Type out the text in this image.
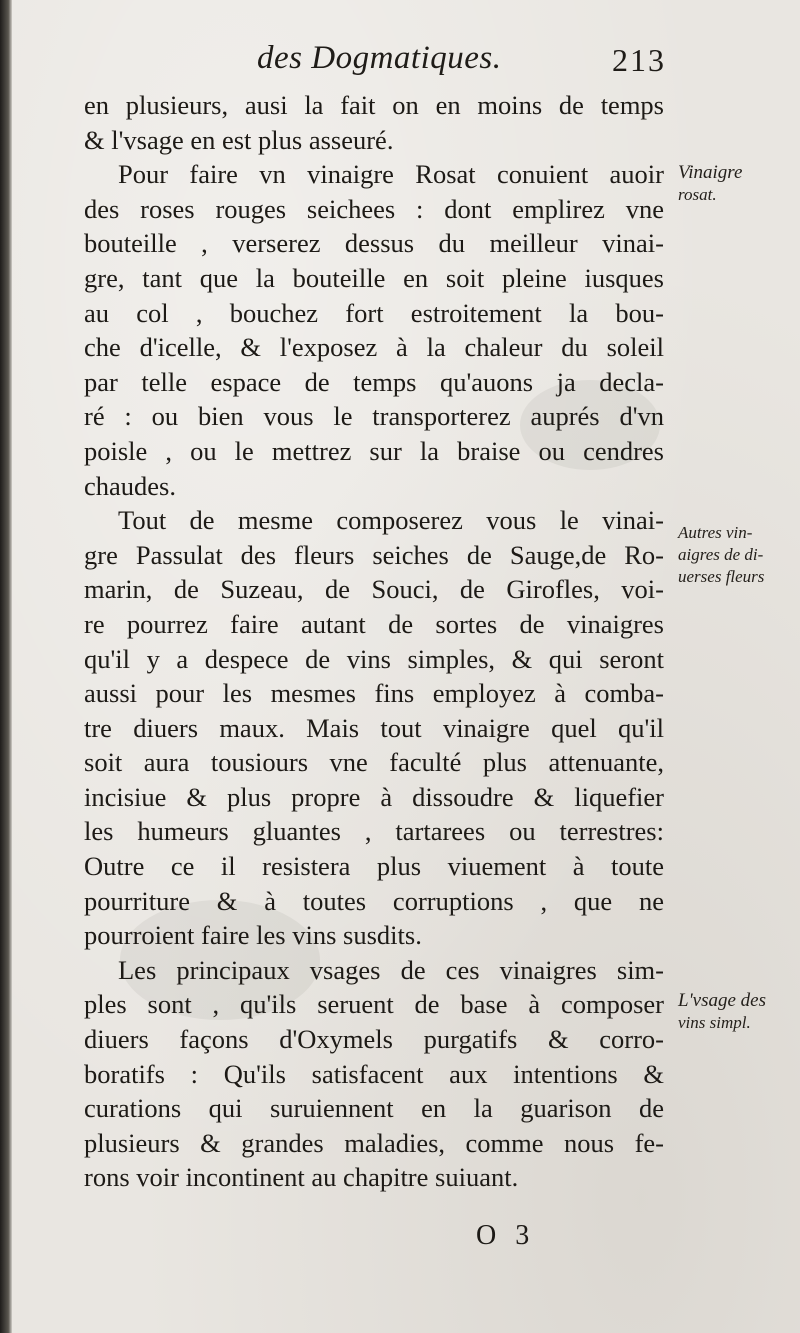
des Dogmatiques.	213
en plusieurs, ausi la fait on en moins de temps
& l'vsage en est plus asseuré.
Pour faire vn vinaigre Rosat conuient auoir
des roses rouges seichees : dont emplirez vne
bouteille , verserez dessus du meilleur vinai-
gre, tant que la bouteille en soit pleine iusques
au col , bouchez fort estroitement la bou-
che d'icelle, & l'exposez à la chaleur du soleil
par telle espace de temps qu'auons ja decla-
ré : ou bien vous le transporterez auprés d'vn
poisle , ou le mettrez sur la braise ou cendres
chaudes.
Tout de mesme composerez vous le vinai-
gre Passulat des fleurs seiches de Sauge,de Ro-
marin, de Suzeau, de Souci, de Girofles, voi-
re pourrez faire autant de sortes de vinaigres
qu'il y a despece de vins simples, & qui seront
aussi pour les mesmes fins employez à comba-
tre diuers maux. Mais tout vinaigre quel qu'il
soit aura tousiours vne faculté plus attenuante,
incisiue & plus propre à dissoudre & liquefier
les humeurs gluantes , tartarees ou terrestres:
Outre ce il resistera plus viuement à toute
pourriture & à toutes corruptions , que ne
pourroient faire les vins susdits.
Les principaux vsages de ces vinaigres sim-
ples sont , qu'ils seruent de base à composer
diuers façons d'Oxymels purgatifs & corro-
boratifs : Qu'ils satisfacent aux intentions &
curations qui suruiennent en la guarison de
plusieurs & grandes maladies, comme nous fe-
rons voir incontinent au chapitre suiuant.
Vinaigre
rosat.
Autres vin-
aigres de di-
uerses fleurs
L'vsage des
vins simpl.
O 3
